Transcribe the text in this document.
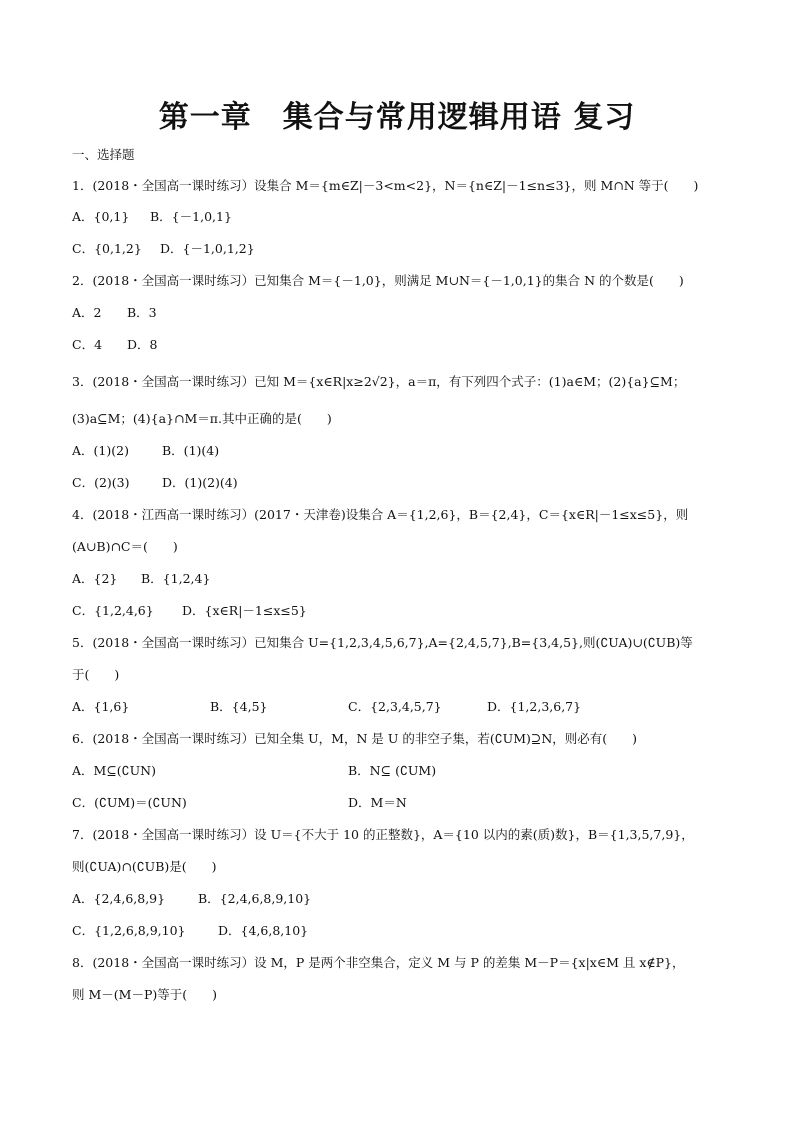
第一章　集合与常用逻辑用语 复习
一、选择题
1．(2018・全国高一课时练习）设集合 M＝{m∈Z|－3<m<2}，N＝{n∈Z|－1≤n≤3}，则 M∩N 等于(　　)
A．{0,1} B．{－1,0,1}
C．{0,1,2} D．{－1,0,1,2}
2．(2018・全国高一课时练习）已知集合 M＝{－1,0}，则满足 M∪N＝{－1,0,1}的集合 N 的个数是(　　)
A．2 B．3
C．4 D．8
3．(2018・全国高一课时练习）已知 M＝{x∈R|x≥2√2}，a＝π，有下列四个式子：(1)a∈M；(2){a}⊆M；
(3)a⊆M；(4){a}∩M＝π.其中正确的是(　　)
A．(1)(2)	B．(1)(4)
C．(2)(3)	D．(1)(2)(4)
4．(2018・江西高一课时练习）(2017・天津卷)设集合 A＝{1,2,6}，B＝{2,4}，C＝{x∈R|－1≤x≤5}，则
(A∪B)∩C＝(　　)
A．{2} B．{1,2,4}
C．{1,2,4,6} D．{x∈R|－1≤x≤5}
5．(2018・全国高一课时练习）已知集合 U={1,2,3,4,5,6,7},A={2,4,5,7},B={3,4,5},则(∁UA)∪(∁UB)等
于(　　)
A．{1,6}	B．{4,5}	C．{2,3,4,5,7}	D．{1,2,3,6,7}
6．(2018・全国高一课时练习）已知全集 U，M，N 是 U 的非空子集，若(∁UM)⊇N，则必有(　　)
A．M⊆(∁UN)	B．N⊆ (∁UM)
C．(∁UM)＝(∁UN)	D．M＝N
7．(2018・全国高一课时练习）设 U＝{不大于 10 的正整数}，A＝{10 以内的素(质)数}，B＝{1,3,5,7,9}，
则(∁UA)∩(∁UB)是(　　)
A．{2,4,6,8,9}	B．{2,4,6,8,9,10}
C．{1,2,6,8,9,10}	D．{4,6,8,10}
8．(2018・全国高一课时练习）设 M，P 是两个非空集合，定义 M 与 P 的差集 M－P＝{x|x∈M 且 x∉P}，
则 M－(M－P)等于(　　)
